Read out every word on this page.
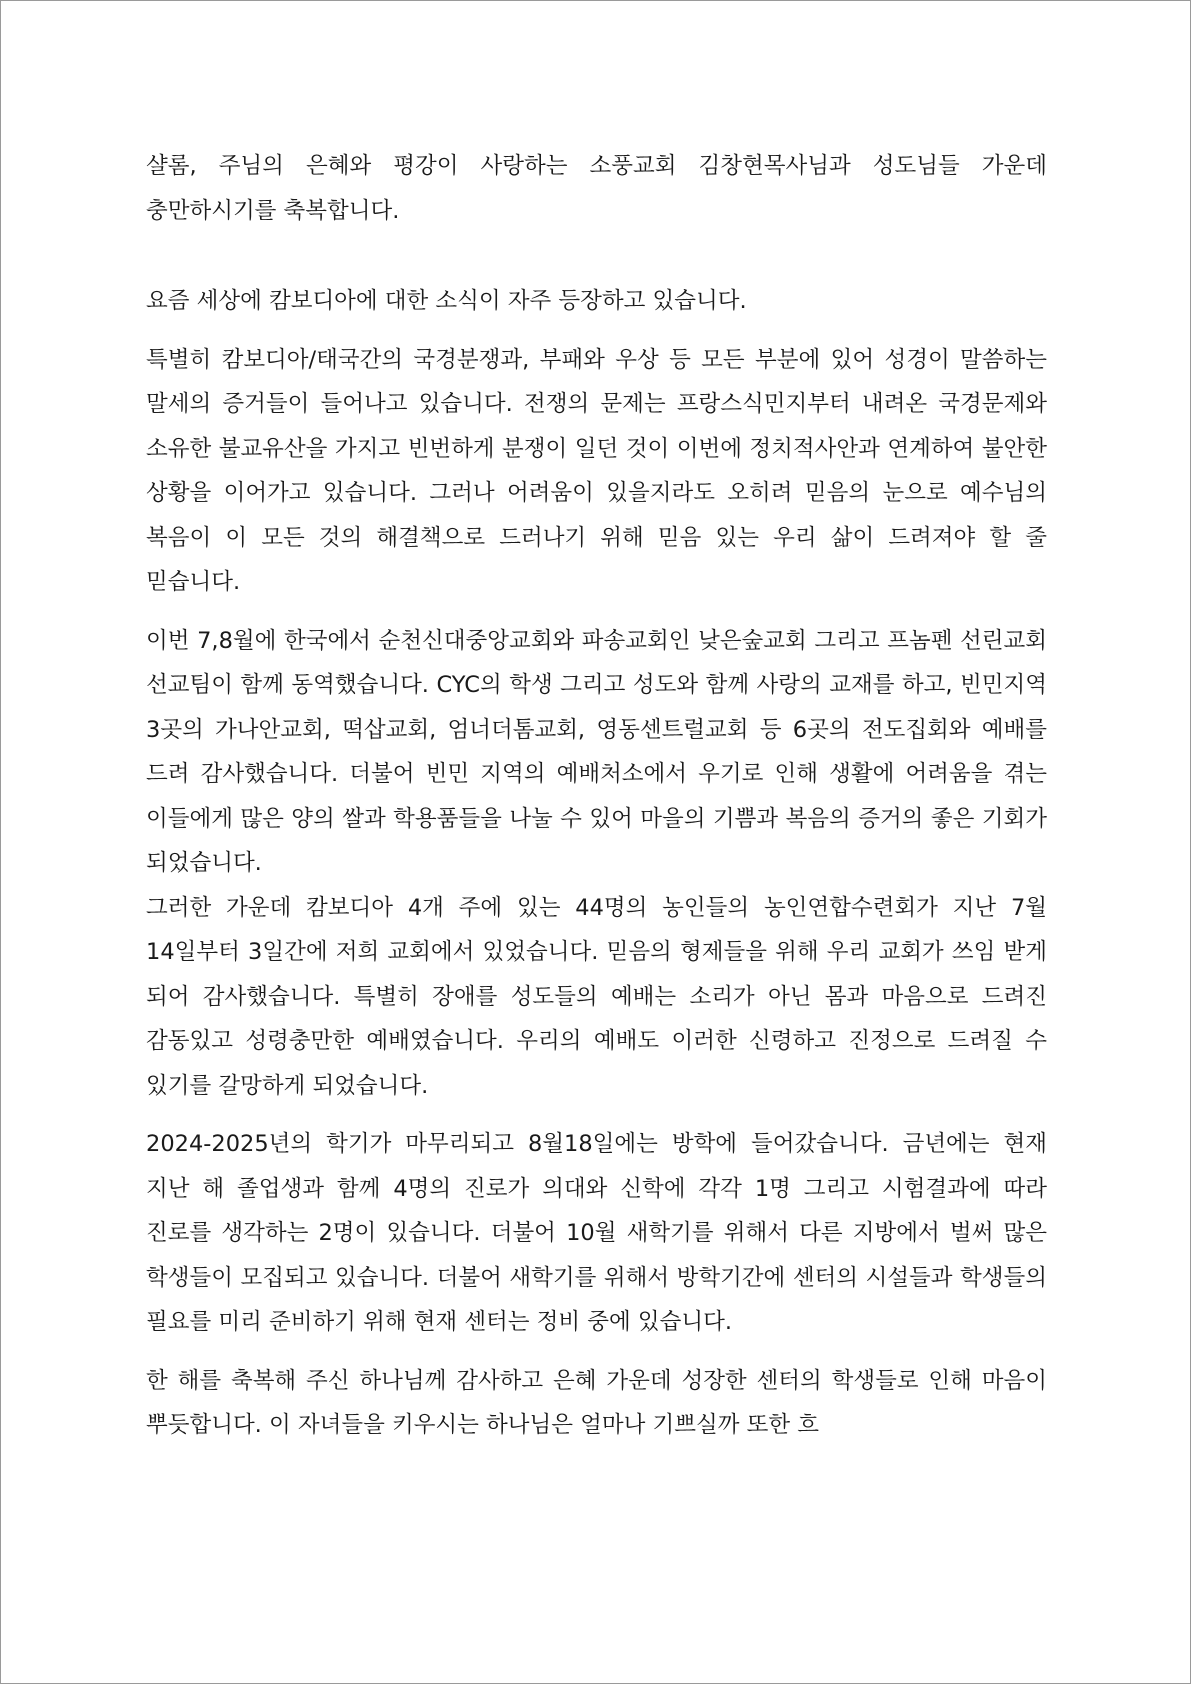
샬롬, 주님의 은혜와 평강이 사랑하는 소풍교회 김창현목사님과 성도님들 가운데 충만하시기를 축복합니다.

요즘 세상에 캄보디아에 대한 소식이 자주 등장하고 있습니다.

특별히 캄보디아/태국간의 국경분쟁과, 부패와 우상 등 모든 부분에 있어 성경이 말씀하는 말세의 증거들이 들어나고 있습니다. 전쟁의 문제는 프랑스식민지부터 내려온 국경문제와 소유한 불교유산을 가지고 빈번하게 분쟁이 일던 것이 이번에 정치적사안과 연계하여 불안한 상황을 이어가고 있습니다. 그러나 어려움이 있을지라도 오히려 믿음의 눈으로 예수님의 복음이 이 모든 것의 해결책으로 드러나기 위해 믿음 있는 우리 삶이 드려져야 할 줄 믿습니다.

이번 7,8월에 한국에서 순천신대중앙교회와 파송교회인 낮은숲교회 그리고 프놈펜 선린교회 선교팀이 함께 동역했습니다. CYC의 학생 그리고 성도와 함께 사랑의 교재를 하고, 빈민지역 3곳의 가나안교회, 떡삽교회, 엄너더톰교회, 영동센트럴교회 등 6곳의 전도집회와 예배를 드려 감사했습니다. 더불어 빈민 지역의 예배처소에서 우기로 인해 생활에 어려움을 겪는 이들에게 많은 양의 쌀과 학용품들을 나눌 수 있어 마을의 기쁨과 복음의 증거의 좋은 기회가 되었습니다.

그러한 가운데 캄보디아 4개 주에 있는 44명의 농인들의 농인연합수련회가 지난 7월 14일부터 3일간에 저희 교회에서 있었습니다. 믿음의 형제들을 위해 우리 교회가 쓰임 받게 되어 감사했습니다. 특별히 장애를 성도들의 예배는 소리가 아닌 몸과 마음으로 드려진 감동있고 성령충만한 예배였습니다. 우리의 예배도 이러한 신령하고 진정으로 드려질 수 있기를 갈망하게 되었습니다.

2024-2025년의 학기가 마무리되고 8월18일에는 방학에 들어갔습니다. 금년에는 현재 지난 해 졸업생과 함께 4명의 진로가 의대와 신학에 각각 1명 그리고 시험결과에 따라 진로를 생각하는 2명이 있습니다. 더불어 10월 새학기를 위해서 다른 지방에서 벌써 많은 학생들이 모집되고 있습니다. 더불어 새학기를 위해서 방학기간에 센터의 시설들과 학생들의 필요를 미리 준비하기 위해 현재 센터는 정비 중에 있습니다.

한 해를 축복해 주신 하나님께 감사하고 은혜 가운데 성장한 센터의 학생들로 인해 마음이 뿌듯합니다. 이 자녀들을 키우시는 하나님은 얼마나 기쁘실까 또한 흐
